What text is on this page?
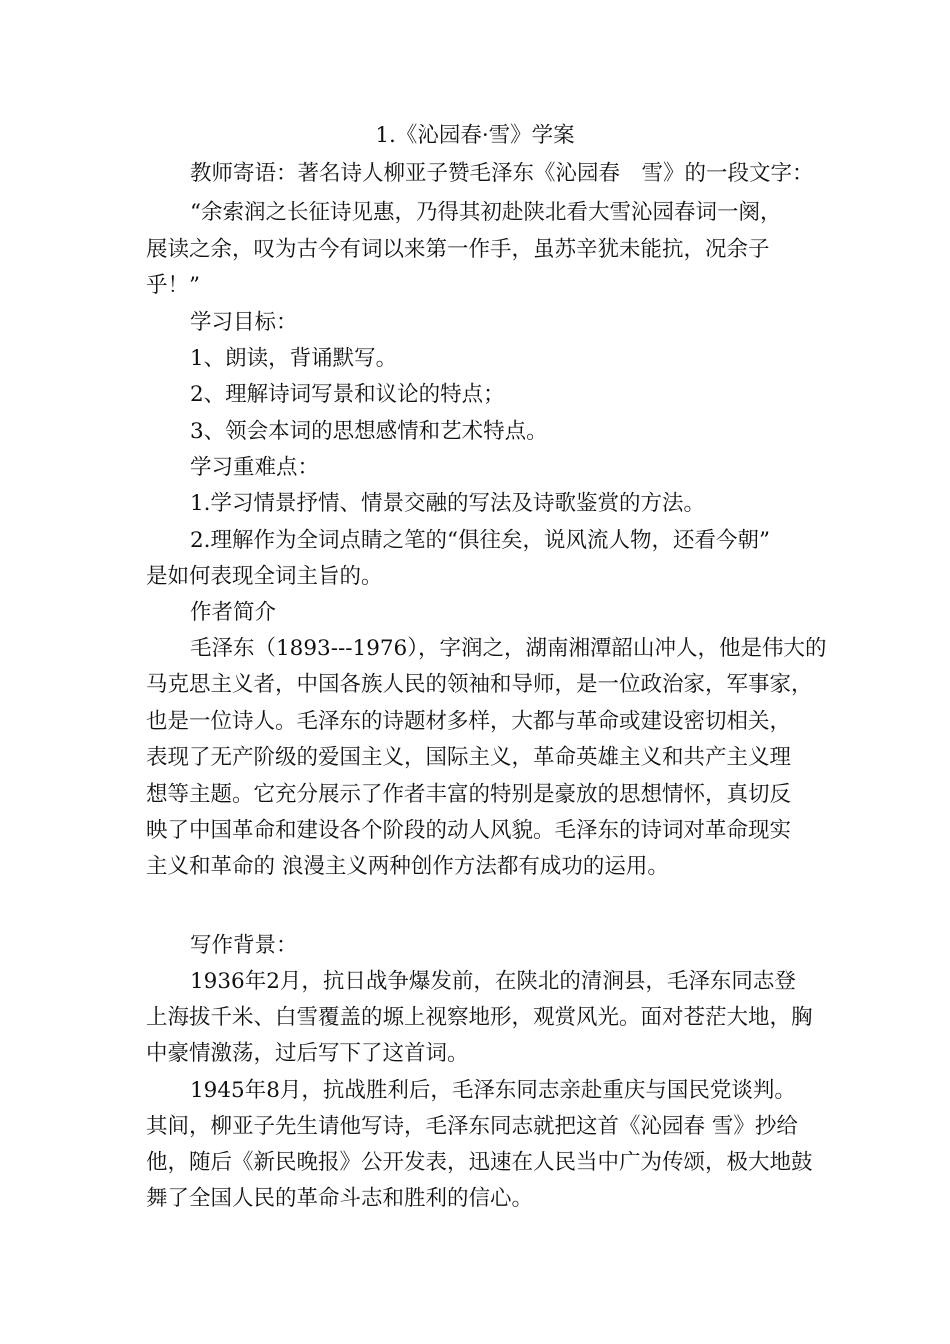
1.《沁园春·雪》学案
教师寄语：著名诗人柳亚子赞毛泽东《沁园春　雪》的一段文字：
“余索润之长征诗见惠，乃得其初赴陕北看大雪沁园春词一阕，
展读之余，叹为古今有词以来第一作手，虽苏辛犹未能抗，况余子
乎！”
学习目标：
1、朗读，背诵默写。
2、理解诗词写景和议论的特点；
3、领会本词的思想感情和艺术特点。
学习重难点：
1.学习情景抒情、情景交融的写法及诗歌鉴赏的方法。
2.理解作为全词点睛之笔的“俱往矣，说风流人物，还看今朝”
是如何表现全词主旨的。
作者简介
毛泽东（1893---1976），字润之，湖南湘潭韶山冲人，他是伟大的
马克思主义者，中国各族人民的领袖和导师，是一位政治家，军事家，
也是一位诗人。毛泽东的诗题材多样，大都与革命或建设密切相关，
表现了无产阶级的爱国主义，国际主义，革命英雄主义和共产主义理
想等主题。它充分展示了作者丰富的特别是豪放的思想情怀，真切反
映了中国革命和建设各个阶段的动人风貌。毛泽东的诗词对革命现实
主义和革命的 浪漫主义两种创作方法都有成功的运用。
写作背景：
1936年2月，抗日战争爆发前，在陕北的清涧县，毛泽东同志登
上海拔千米、白雪覆盖的塬上视察地形，观赏风光。面对苍茫大地，胸
中豪情激荡，过后写下了这首词。
1945年8月，抗战胜利后，毛泽东同志亲赴重庆与国民党谈判。
其间，柳亚子先生请他写诗，毛泽东同志就把这首《沁园春 雪》抄给
他，随后《新民晚报》公开发表，迅速在人民当中广为传颂，极大地鼓
舞了全国人民的革命斗志和胜利的信心。
